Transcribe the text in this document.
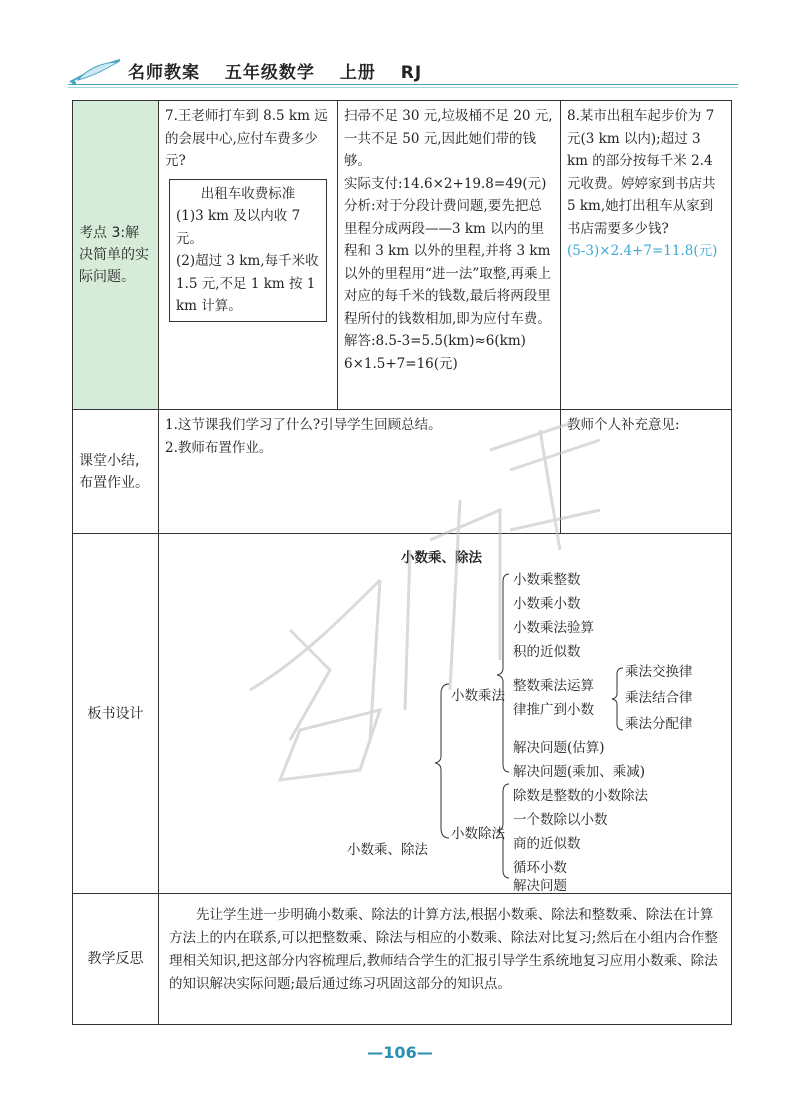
名师教案 五年级数学 上册 RJ
考点 3:解决简单的实际问题。

7.王老师打车到 8.5 km 远的会展中心,应付车费多少元?

出租车收费标准
(1)3 km 及以内收 7 元。
(2)超过 3 km,每千米收 1.5 元,不足 1 km 按 1 km 计算。

扫帚不足 30 元,垃圾桶不足 20 元,一共不足 50 元,因此她们带的钱够。

实际支付:14.6×2+19.8=49(元)

分析:对于分段计费问题,要先把总里程分成两段——3 km 以内的里程和 3 km 以外的里程,并将 3 km 以外的里程用“进一法”取整,再乘上对应的每千米的钱数,最后将两段里程所付的钱数相加,即为应付车费。

解答:8.5-3=5.5(km)≈6(km)

6×1.5+7=16(元)

8.某市出租车起步价为 7 元(3 km 以内);超过 3 km 的部分按每千米 2.4 元收费。婷婷家到书店共 5 km,她打出租车从家到书店需要多少钱?

(5-3)×2.4+7=11.8(元)

课堂小结,布置作业。

1.这节课我们学习了什么?引导学生回顾总结。

2.教师布置作业。

教师个人补充意见:

板书设计
小数乘、除法
小数乘、除法
小数乘法
小数乘整数
小数乘小数
小数乘法验算
积的近似数
整数乘法运算
律推广到小数
乘法交换律
乘法结合律
乘法分配律
解决问题(估算)
解决问题(乘加、乘减)
小数除法
除数是整数的小数除法
一个数除以小数
商的近似数
循环小数
解决问题
教学反思
先让学生进一步明确小数乘、除法的计算方法,根据小数乘、除法和整数乘、除法在计算方法上的内在联系,可以把整数乘、除法与相应的小数乘、除法对比复习;然后在小组内合作整理相关知识,把这部分内容梳理后,教师结合学生的汇报引导学生系统地复习应用小数乘、除法的知识解决实际问题;最后通过练习巩固这部分的知识点。
—106—
